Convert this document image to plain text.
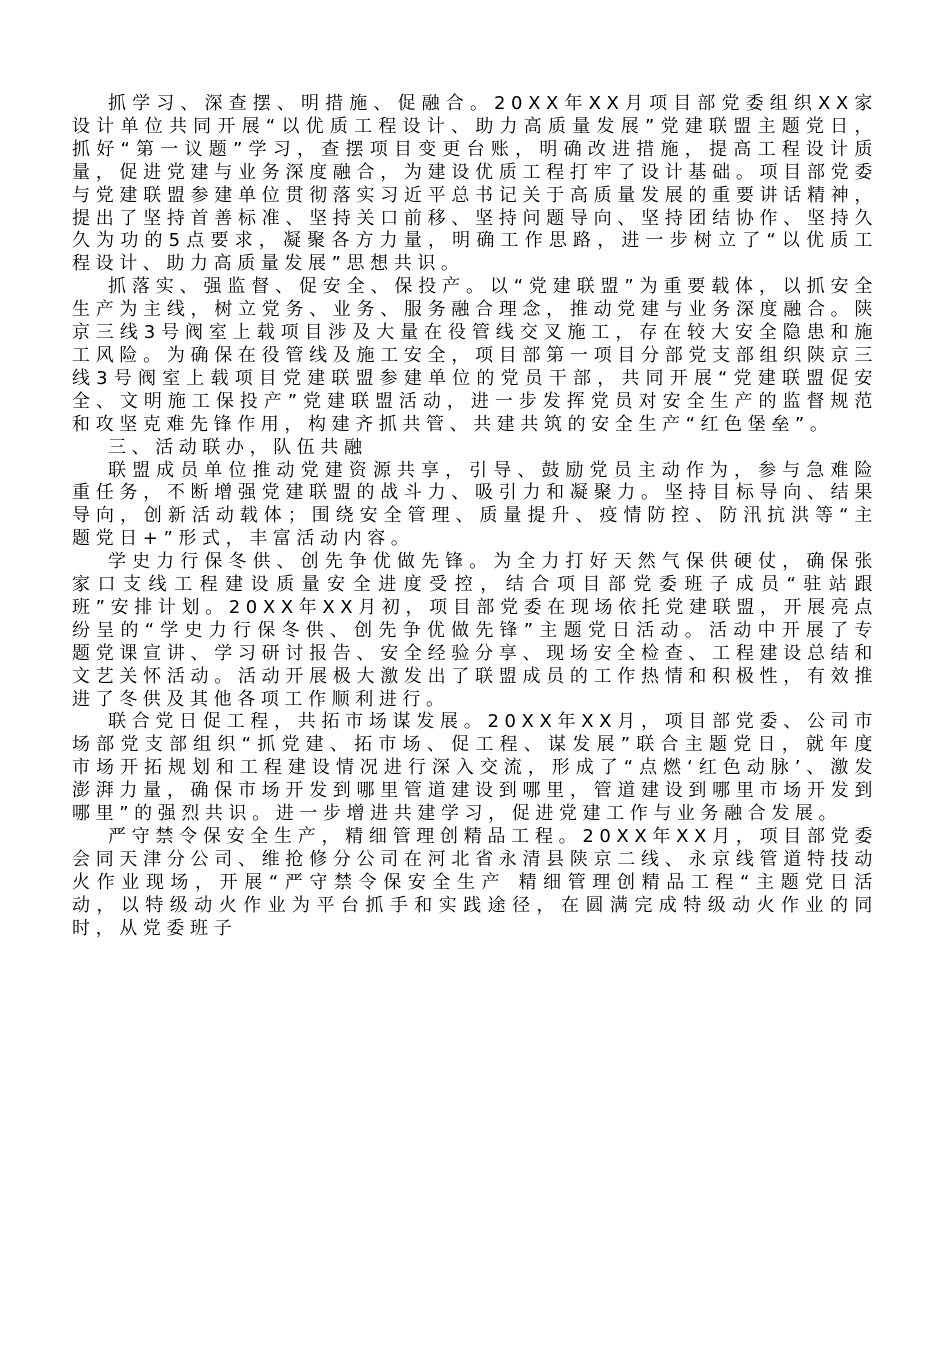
抓学习、深查摆、明措施、促融合。20XX年XX月项目部党委组织XX家设计单位共同开展“以优质工程设计、助力高质量发展”党建联盟主题党日，抓好“第一议题”学习，查摆项目变更台账，明确改进措施，提高工程设计质量，促进党建与业务深度融合，为建设优质工程打牢了设计基础。项目部党委与党建联盟参建单位贯彻落实习近平总书记关于高质量发展的重要讲话精神，提出了坚持首善标准、坚持关口前移、坚持问题导向、坚持团结协作、坚持久久为功的5点要求，凝聚各方力量，明确工作思路，进一步树立了“以优质工程设计、助力高质量发展”思想共识。

抓落实、强监督、促安全、保投产。以“党建联盟”为重要载体，以抓安全生产为主线，树立党务、业务、服务融合理念，推动党建与业务深度融合。陕京三线3号阀室上载项目涉及大量在役管线交叉施工，存在较大安全隐患和施工风险。为确保在役管线及施工安全，项目部第一项目分部党支部组织陕京三线3号阀室上载项目党建联盟参建单位的党员干部，共同开展“党建联盟促安全、文明施工保投产”党建联盟活动，进一步发挥党员对安全生产的监督规范和攻坚克难先锋作用，构建齐抓共管、共建共筑的安全生产“红色堡垒”。

三、活动联办，队伍共融

联盟成员单位推动党建资源共享，引导、鼓励党员主动作为，参与急难险重任务，不断增强党建联盟的战斗力、吸引力和凝聚力。坚持目标导向、结果导向，创新活动载体；围绕安全管理、质量提升、疫情防控、防汛抗洪等“主题党日+”形式，丰富活动内容。

学史力行保冬供、创先争优做先锋。为全力打好天然气保供硬仗，确保张家口支线工程建设质量安全进度受控，结合项目部党委班子成员“驻站跟班”安排计划。20XX年XX月初，项目部党委在现场依托党建联盟，开展亮点纷呈的“学史力行保冬供、创先争优做先锋”主题党日活动。活动中开展了专题党课宣讲、学习研讨报告、安全经验分享、现场安全检查、工程建设总结和文艺关怀活动。活动开展极大激发出了联盟成员的工作热情和积极性，有效推进了冬供及其他各项工作顺利进行。

联合党日促工程，共拓市场谋发展。20XX年XX月，项目部党委、公司市场部党支部组织“抓党建、拓市场、促工程、谋发展”联合主题党日，就年度市场开拓规划和工程建设情况进行深入交流，形成了“点燃‘红色动脉’、激发澎湃力量，确保市场开发到哪里管道建设到哪里，管道建设到哪里市场开发到哪里”的强烈共识。进一步增进共建学习，促进党建工作与业务融合发展。

严守禁令保安全生产，精细管理创精品工程。20XX年XX月，项目部党委会同天津分公司、维抢修分公司在河北省永清县陕京二线、永京线管道特技动火作业现场，开展“严守禁令保安全生产 精细管理创精品工程“主题党日活动，以特级动火作业为平台抓手和实践途径，在圆满完成特级动火作业的同时，从党委班子
